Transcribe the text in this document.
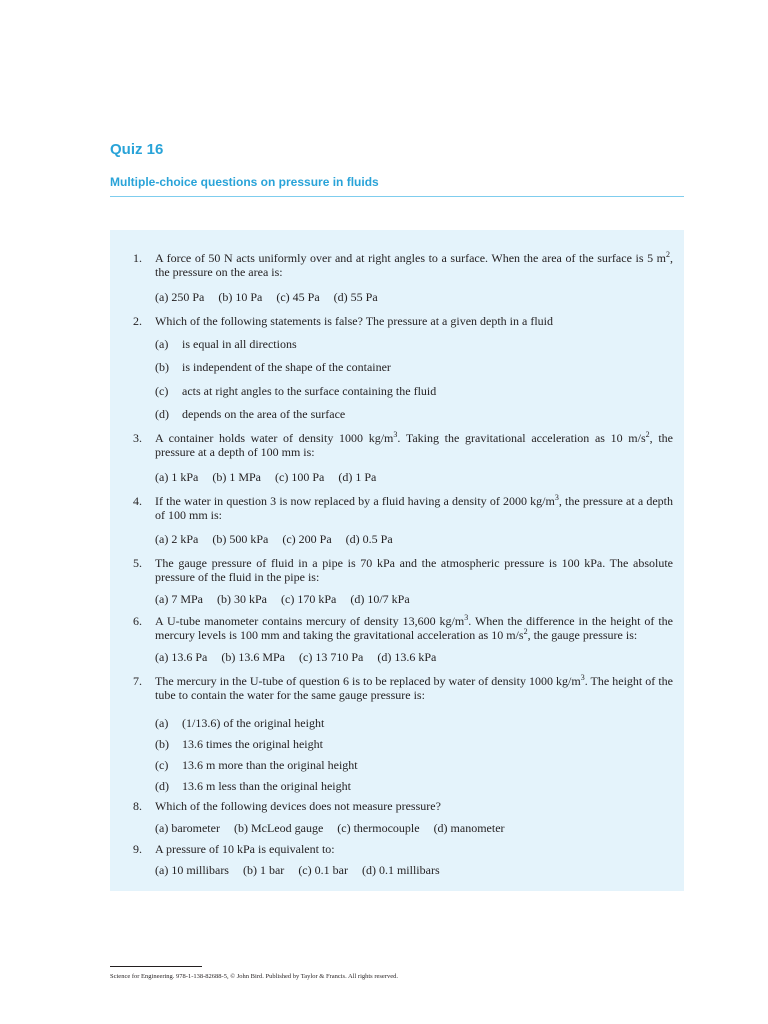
Quiz 16
Multiple-choice questions on pressure in fluids
1. A force of 50 N acts uniformly over and at right angles to a surface. When the area of the surface is 5 $m^2$, the pressure on the area is:
(a) 250 Pa (b) 10 Pa (c) 45 Pa (d) 55 Pa
2. Which of the following statements is false? The pressure at a given depth in a fluid
(a) is equal in all directions
(b) is independent of the shape of the container
(c) acts at right angles to the surface containing the fluid
(d) depends on the area of the surface
3. A container holds water of density 1000 $kg/m^3$. Taking the gravitational acceleration as 10 $m/s^2$, the pressure at a depth of 100 mm is:
(a) 1 kPa (b) 1 MPa (c) 100 Pa (d) 1 Pa
4. If the water in question 3 is now replaced by a fluid having a density of 2000 $kg/m^3$, the pressure at a depth of 100 mm is:
(a) 2 kPa (b) 500 kPa (c) 200 Pa (d) 0.5 Pa
5. The gauge pressure of fluid in a pipe is 70 kPa and the atmospheric pressure is 100 kPa. The absolute pressure of the fluid in the pipe is:
(a) 7 MPa (b) 30 kPa (c) 170 kPa (d) 10/7 kPa
6. A U-tube manometer contains mercury of density 13,600 $kg/m^3$. When the difference in the height of the mercury levels is 100 mm and taking the gravitational acceleration as 10 $m/s^2$, the gauge pressure is:
(a) 13.6 Pa (b) 13.6 MPa (c) 13 710 Pa (d) 13.6 kPa
7. The mercury in the U-tube of question 6 is to be replaced by water of density 1000 $kg/m^3$. The height of the tube to contain the water for the same gauge pressure is:
(a) (1/13.6) of the original height
(b) 13.6 times the original height
(c) 13.6 m more than the original height
(d) 13.6 m less than the original height
8. Which of the following devices does not measure pressure?
(a) barometer (b) McLeod gauge (c) thermocouple (d) manometer
9. A pressure of 10 kPa is equivalent to:
(a) 10 millibars (b) 1 bar (c) 0.1 bar (d) 0.1 millibars
Science for Engineering. 978-1-138-82688-5, © John Bird. Published by Taylor & Francis. All rights reserved.
